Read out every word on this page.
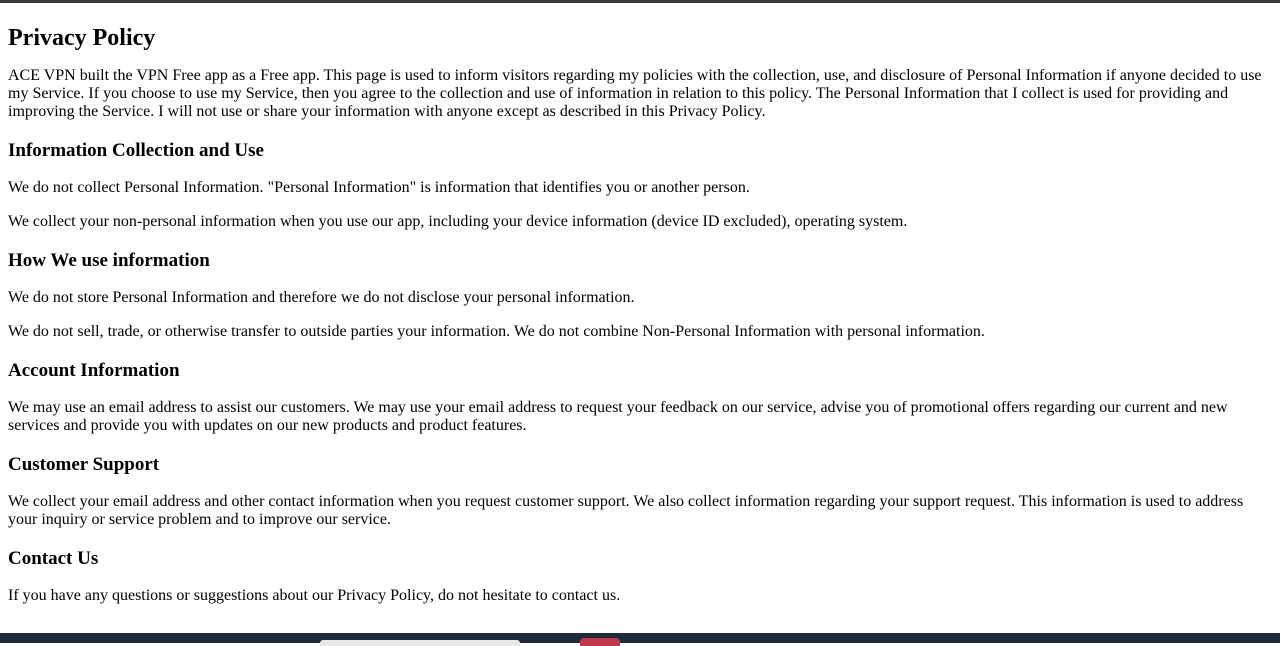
Privacy Policy

ACE VPN built the VPN Free app as a Free app. This page is used to inform visitors regarding my policies with the collection, use, and disclosure of Personal Information if anyone decided to use my Service. If you choose to use my Service, then you agree to the collection and use of information in relation to this policy. The Personal Information that I collect is used for providing and improving the Service. I will not use or share your information with anyone except as described in this Privacy Policy.

Information Collection and Use

We do not collect Personal Information. "Personal Information" is information that identifies you or another person.

We collect your non-personal information when you use our app, including your device information (device ID excluded), operating system.

How We use information

We do not store Personal Information and therefore we do not disclose your personal information.

We do not sell, trade, or otherwise transfer to outside parties your information. We do not combine Non-Personal Information with personal information.

Account Information

We may use an email address to assist our customers. We may use your email address to request your feedback on our service, advise you of promotional offers regarding our current and new services and provide you with updates on our new products and product features.

Customer Support

We collect your email address and other contact information when you request customer support. We also collect information regarding your support request. This information is used to address your inquiry or service problem and to improve our service.

Contact Us

If you have any questions or suggestions about our Privacy Policy, do not hesitate to contact us.
